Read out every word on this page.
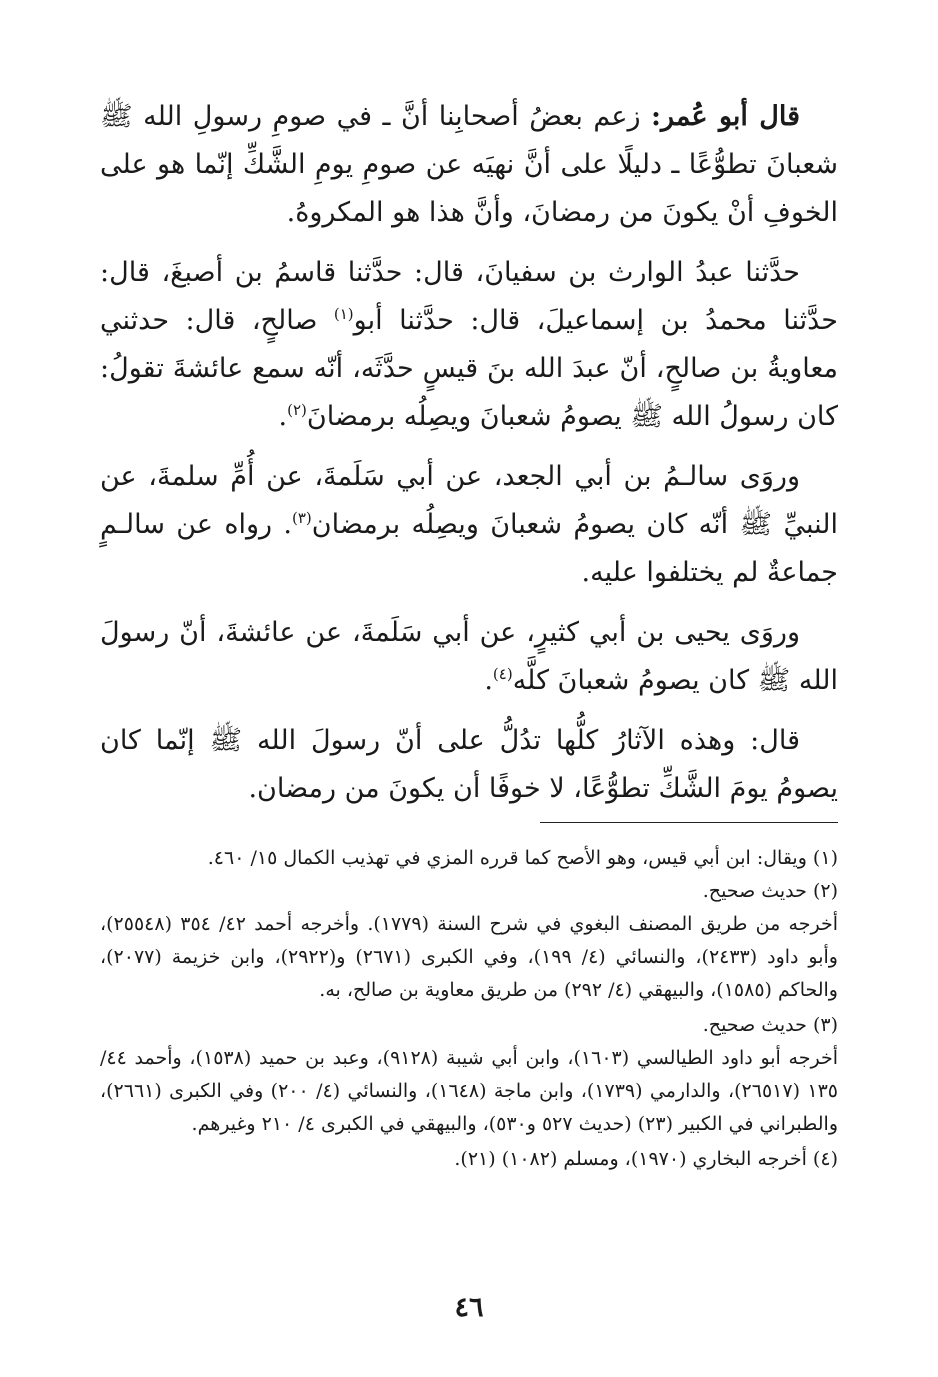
قال أبو عُمر: زعم بعضُ أصحابِنا أنَّ ـ في صومِ رسولِ الله ﷺ شعبانَ تطوُّعًا ـ دليلًا على أنَّ نهيَه عن صومِ يومِ الشَّكِّ إنّما هو على الخوفِ أنْ يكونَ من رمضانَ، وأنَّ هذا هو المكروهُ.

حدَّثنا عبدُ الوارث بن سفيانَ، قال: حدَّثنا قاسمُ بن أصبغَ، قال: حدَّثنا محمدُ بن إسماعيلَ، قال: حدَّثنا أبو$^{(١)}$ صالحٍ، قال: حدثني معاويةُ بن صالحٍ، أنّ عبدَ الله بنَ قيسٍ حدَّثَه، أنّه سمع عائشةَ تقولُ: كان رسولُ الله ﷺ يصومُ شعبانَ ويصِلُه برمضانَ$^{(٢)}$.

وروَى سالـمُ بن أبي الجعد، عن أبي سَلَمةَ، عن أُمِّ سلمةَ، عن النبيِّ ﷺ أنّه كان يصومُ شعبانَ ويصِلُه برمضان$^{(٣)}$. رواه عن سالـمٍ جماعةٌ لم يختلفوا عليه.

وروَى يحيى بن أبي كثيرٍ، عن أبي سَلَمةَ، عن عائشةَ، أنّ رسولَ الله ﷺ كان يصومُ شعبانَ كلَّه$^{(٤)}$.

قال: وهذه الآثارُ كلُّها تدُلُّ على أنّ رسولَ الله ﷺ إنّما كان يصومُ يومَ الشَّكِّ تطوُّعًا، لا خوفًا أن يكونَ من رمضان.

(١) ويقال: ابن أبي قيس، وهو الأصح كما قرره المزي في تهذيب الكمال ١٥/ ٤٦٠.

(٢) حديث صحيح.

أخرجه من طريق المصنف البغوي في شرح السنة (١٧٧٩). وأخرجه أحمد ٤٢/ ٣٥٤ (٢٥٥٤٨)، وأبو داود (٢٤٣٣)، والنسائي (٤/ ١٩٩)، وفي الكبرى (٢٦٧١) و(٢٩٢٢)، وابن خزيمة (٢٠٧٧)، والحاكم (١٥٨٥)، والبيهقي (٤/ ٢٩٢) من طريق معاوية بن صالح، به.

(٣) حديث صحيح.

أخرجه أبو داود الطيالسي (١٦٠٣)، وابن أبي شيبة (٩١٢٨)، وعبد بن حميد (١٥٣٨)، وأحمد ٤٤/ ١٣٥ (٢٦٥١٧)، والدارمي (١٧٣٩)، وابن ماجة (١٦٤٨)، والنسائي (٤/ ٢٠٠) وفي الكبرى (٢٦٦١)، والطبراني في الكبير (٢٣) (حديث ٥٢٧ و٥٣٠)، والبيهقي في الكبرى ٤/ ٢١٠ وغيرهم.

(٤) أخرجه البخاري (١٩٧٠)، ومسلم (١٠٨٢) (٢١).

٤٦
